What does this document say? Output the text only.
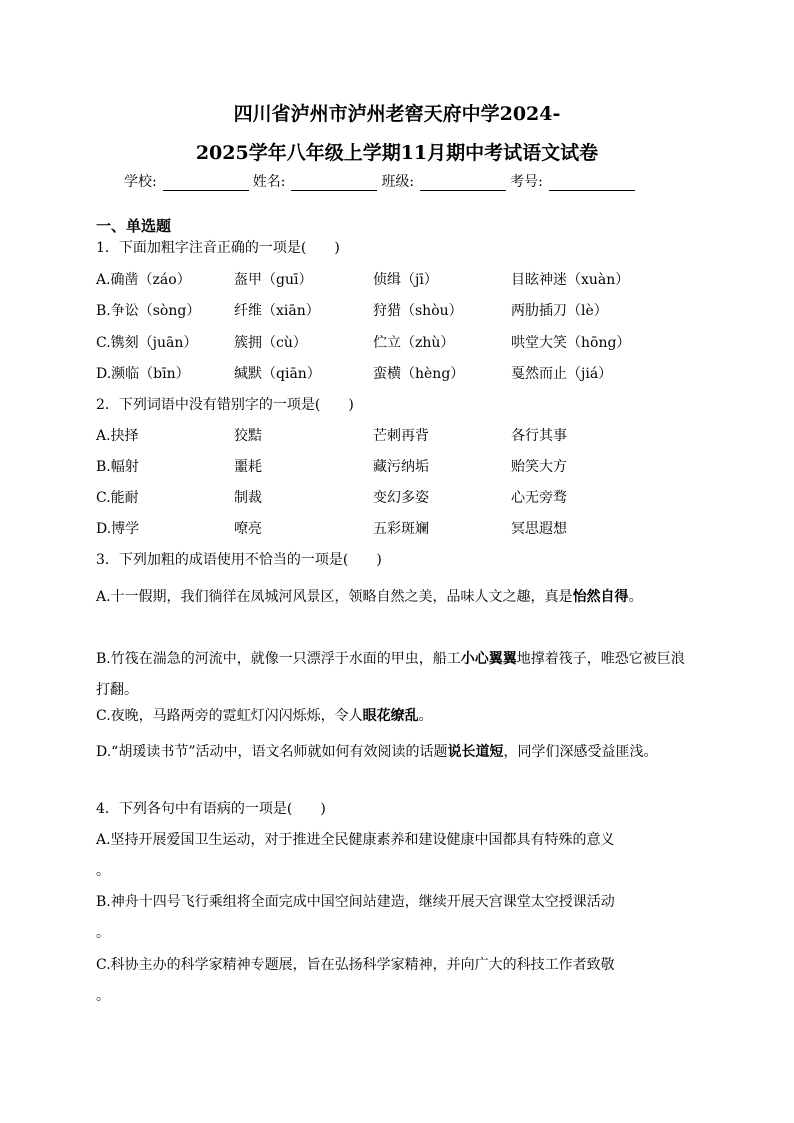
四川省泸州市泸州老窖天府中学2024-
2025学年八年级上学期11月期中考试语文试卷
学校:	姓名:	班级:	考号:
一、单选题
1．下面加粗字注音正确的一项是(　　)
A.确凿（záo）	盔甲（guī）	侦缉（jī）	目眩神迷（xuàn）
B.争讼（sòng） 纤维（xiān）	狩猎（shòu）	两肋插刀（lè）
C.镌刻（juān）	簇拥（cù）	伫立（zhù）	哄堂大笑（hōng）
D.濒临（bīn）	缄默（qiān）	蛮横（hèng）	戛然而止（jiá）
2．下列词语中没有错别字的一项是(　　)
A.抉择	狡黠	芒刺再背	各行其事
B.幅射	噩耗	藏污纳垢	贻笑大方
C.能耐	制裁	变幻多姿	心无旁骛
D.博学	嘹亮	五彩斑斓	冥思遐想
3．下列加粗的成语使用不恰当的一项是(　　)
A.十一假期，我们徜徉在凤城河风景区，领略自然之美，品味人文之趣，真是怡然自得。
B.竹筏在湍急的河流中，就像一只漂浮于水面的甲虫，船工小心翼翼地撑着筏子，唯恐它被巨浪打翻。
C.夜晚，马路两旁的霓虹灯闪闪烁烁，令人眼花缭乱。
D.“胡瑗读书节”活动中，语文名师就如何有效阅读的话题说长道短，同学们深感受益匪浅。
4．下列各句中有语病的一项是(　　)
A.坚持开展爱国卫生运动，对于推进全民健康素养和建设健康中国都具有特殊的意义
。
B.神舟十四号飞行乘组将全面完成中国空间站建造，继续开展天宫课堂太空授课活动
。
C.科协主办的科学家精神专题展，旨在弘扬科学家精神，并向广大的科技工作者致敬
。
